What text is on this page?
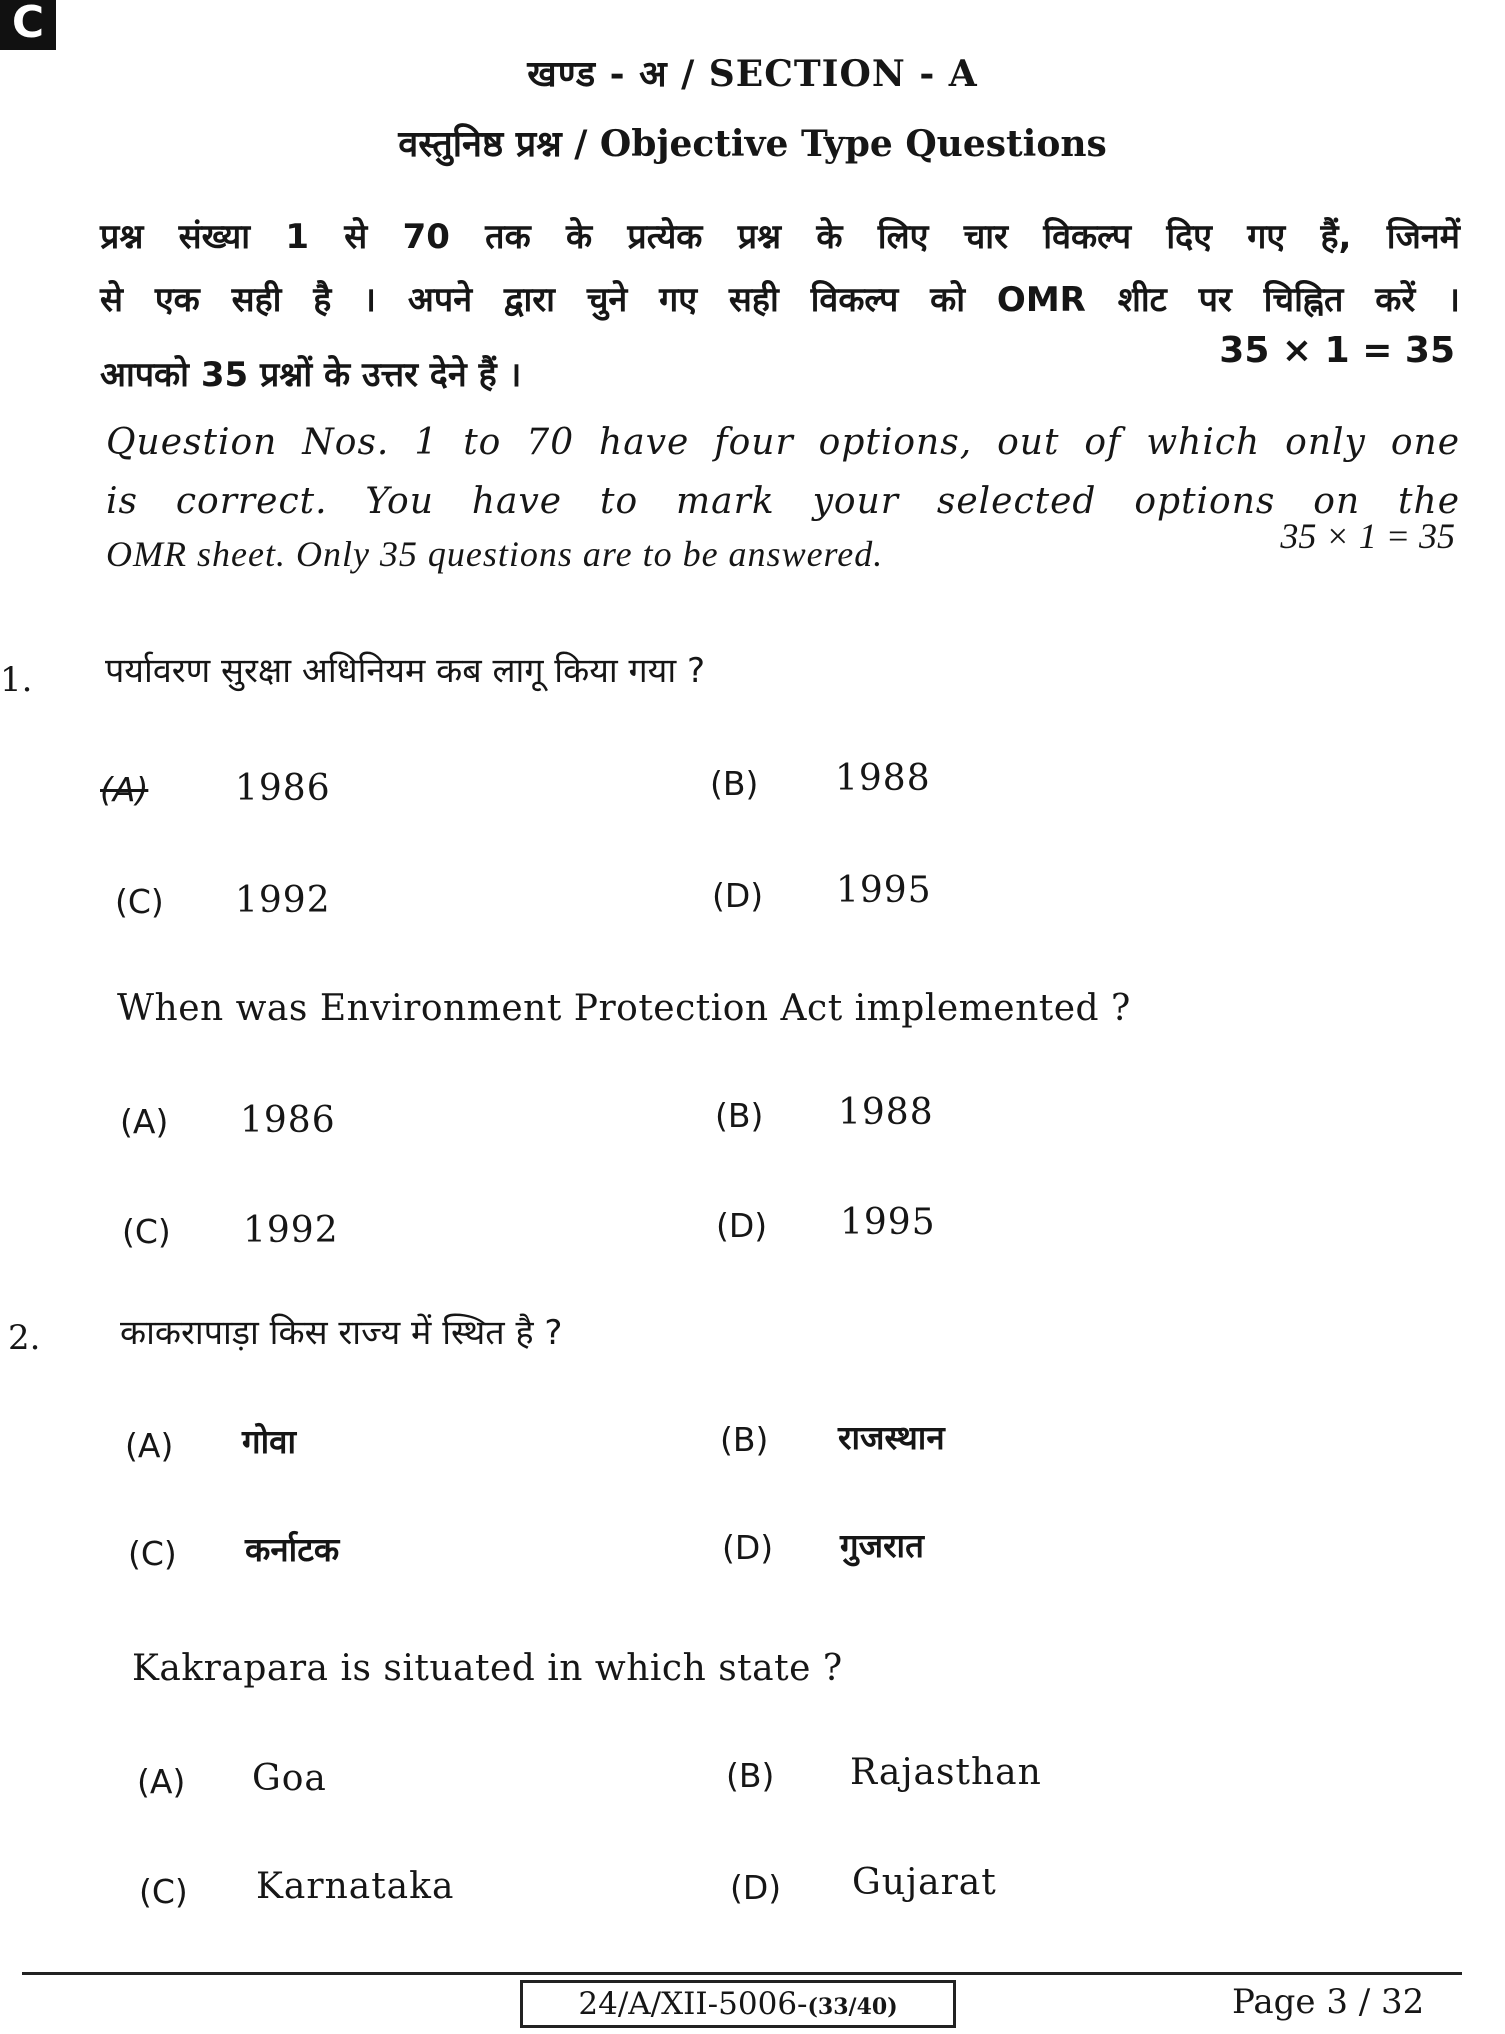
C
खण्ड - अ / SECTION - A
वस्तुनिष्ठ प्रश्न / Objective Type Questions
प्रश्न संख्या 1 से 70 तक के प्रत्येक प्रश्न के लिए चार विकल्प दिए गए हैं, जिनमें
से एक सही है । अपने द्वारा चुने गए सही विकल्प को OMR शीट पर चिह्नित करें ।
आपको 35 प्रश्नों के उत्तर देने हैं ।
35 × 1 = 35
Question Nos. 1 to 70 have four options, out of which only one
is correct. You have to mark your selected options on the
OMR sheet. Only 35 questions are to be answered.	35 × 1 = 35
1. पर्यावरण सुरक्षा अधिनियम कब लागू किया गया ?
(A) 1986	(B) 1988
(C) 1992	(D) 1995
When was Environment Protection Act implemented ?
(A) 1986	(B) 1988
(C) 1992	(D) 1995
2. काकरापाड़ा किस राज्य में स्थित है ?
(A) गोवा	(B) राजस्थान
(C) कर्नाटक	(D) गुजरात
Kakrapara is situated in which state ?
(A) Goa	(B) Rajasthan
(C) Karnataka	(D) Gujarat
24/A/XII-5006-(33/40)	Page 3 / 32
